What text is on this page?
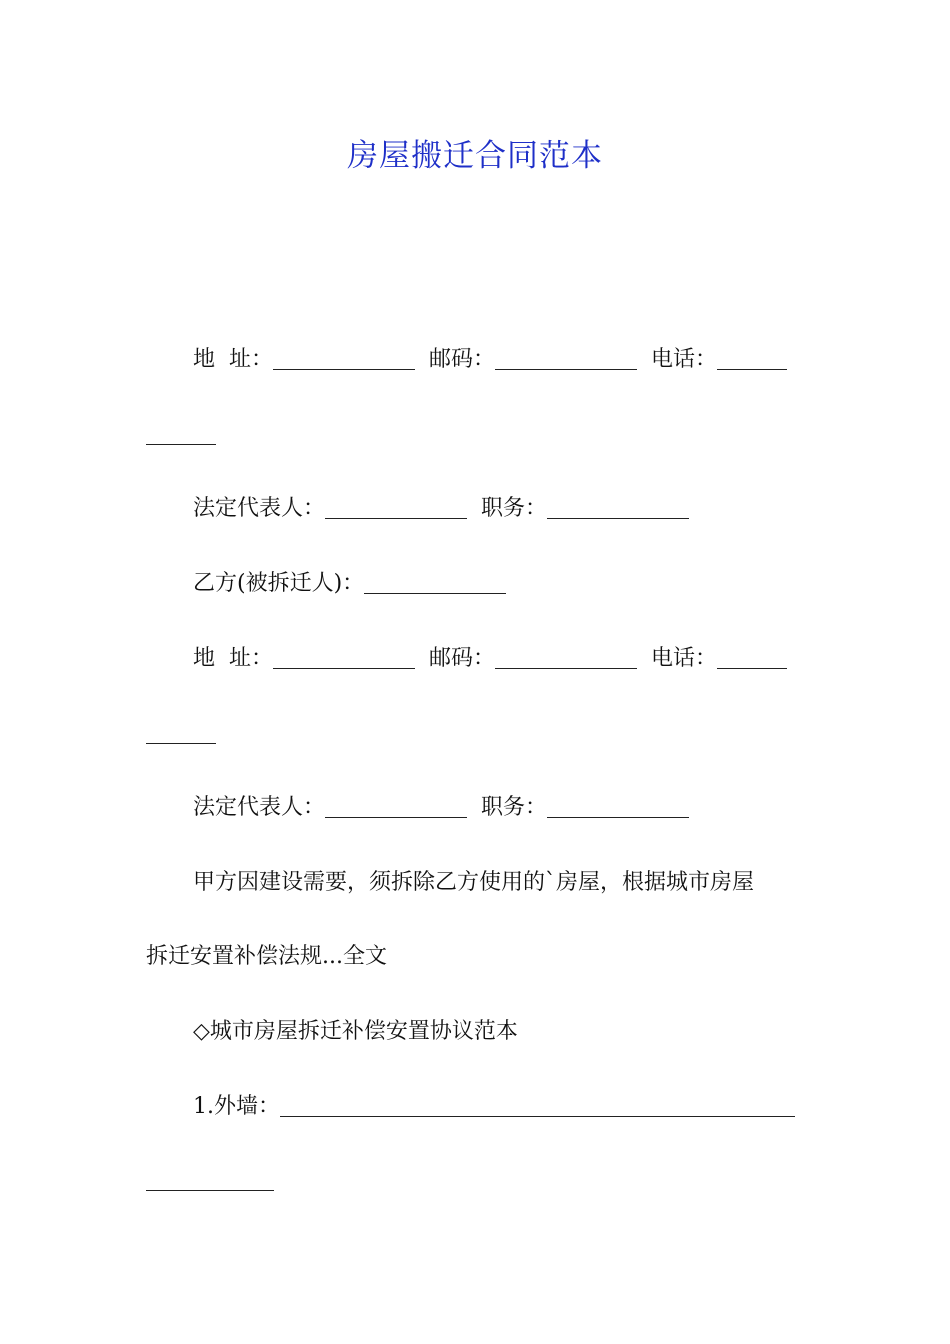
房屋搬迁合同范本
地 址：	邮码：	电话：
法定代表人：	职务：
乙方(被拆迁人)：
地 址：	邮码：	电话：
法定代表人：	职务：
甲方因建设需要，须拆除乙方使用的`房屋，根据城市房屋
拆迁安置补偿法规...全文
◇城市房屋拆迁补偿安置协议范本
1.外墙：
